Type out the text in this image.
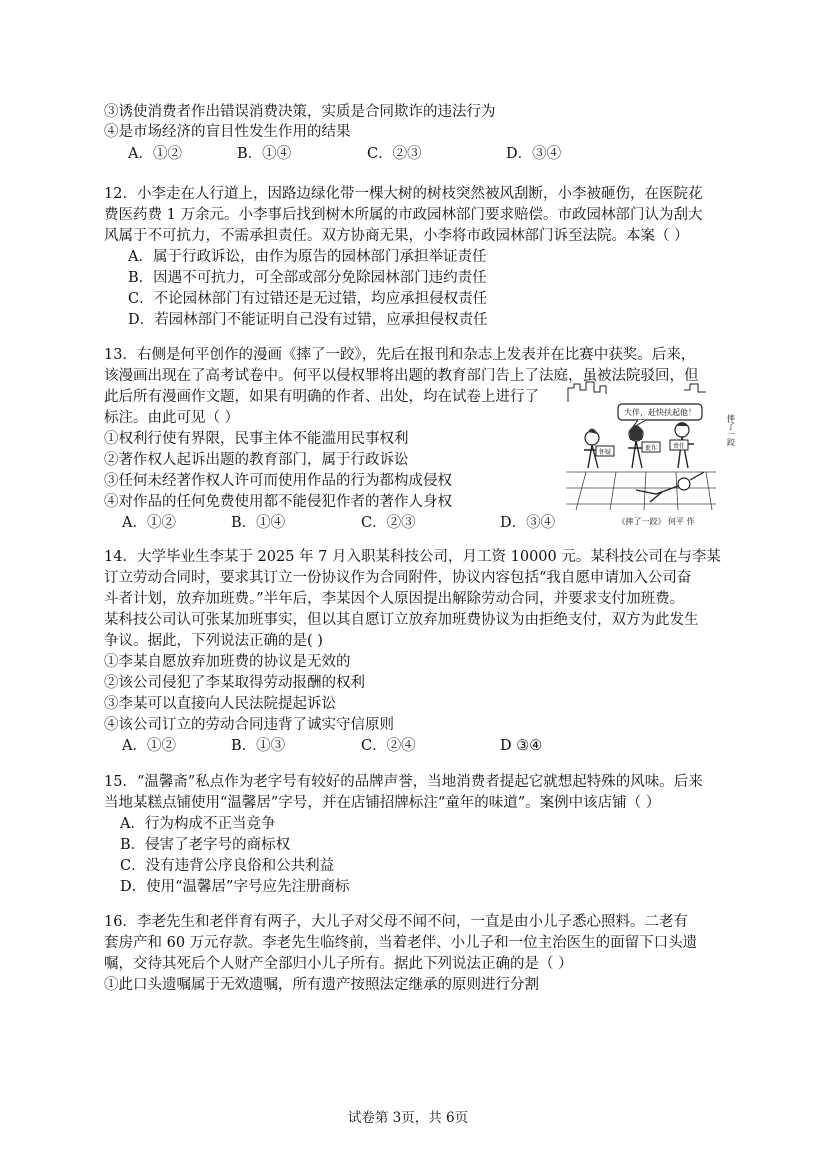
③诱使消费者作出错误消费决策，实质是合同欺诈的违法行为
④是市场经济的盲目性发生作用的结果
A．①②	B．①④	C．②③	D．③④
12．小李走在人行道上，因路边绿化带一棵大树的树枝突然被风刮断，小李被砸伤，在医院花
费医药费 1 万余元。小李事后找到树木所属的市政园林部门要求赔偿。市政园林部门认为刮大
风属于不可抗力，不需承担责任。双方协商无果，小李将市政园林部门诉至法院。本案（ ）
A．属于行政诉讼，由作为原告的园林部门承担举证责任
B．因遇不可抗力，可全部或部分免除园林部门违约责任
C．不论园林部门有过错还是无过错，均应承担侵权责任
D．若园林部门不能证明自己没有过错，应承担侵权责任
13．右侧是何平创作的漫画《摔了一跤》，先后在报刊和杂志上发表并在比赛中获奖。后来，
该漫画出现在了高考试卷中。何平以侵权罪将出题的教育部门告上了法庭，虽被法院驳回，但
此后所有漫画作文题，如果有明确的作者、出处，均在试卷上进行了
标注。由此可见（ ）
①权利行使有界限，民事主体不能滥用民事权利
②著作权人起诉出题的教育部门，属于行政诉讼
③任何未经著作权人许可而使用作品的行为都构成侵权
④对作品的任何免费使用都不能侵犯作者的著作人身权
A．①②	B．①④	C．②③	D．③④
大伴，赶快扶起他！
摔了一跤
怀疑
讹诈	责任
《摔了一跤》 何平 作
14．大学毕业生李某于 2025 年 7 月入职某科技公司，月工资 10000 元。某科技公司在与李某
订立劳动合同时，要求其订立一份协议作为合同附件，协议内容包括“我自愿申请加入公司奋
斗者计划，放弃加班费。”半年后，李某因个人原因提出解除劳动合同，并要求支付加班费。
某科技公司认可张某加班事实，但以其自愿订立放弃加班费协议为由拒绝支付，双方为此发生
争议。据此，下列说法正确的是( )
①李某自愿放弃加班费的协议是无效的
②该公司侵犯了李某取得劳动报酬的权利
③李某可以直接向人民法院提起诉讼
④该公司订立的劳动合同违背了诚实守信原则
A．①②	B．①③	C．②④	D ③④
15．“温馨斋”私点作为老字号有较好的品牌声誉，当地消费者提起它就想起特殊的风味。后来
当地某糕点铺使用“温馨居”字号，并在店铺招牌标注“童年的味道”。案例中该店铺（ ）
A．行为构成不正当竞争
B．侵害了老字号的商标权
C．没有违背公序良俗和公共利益
D．使用“温馨居”字号应先注册商标
16．李老先生和老伴育有两子，大儿子对父母不闻不问，一直是由小儿子悉心照料。二老有
套房产和 60 万元存款。李老先生临终前，当着老伴、小儿子和一位主治医生的面留下口头遗
嘱，交待其死后个人财产全部归小儿子所有。据此下列说法正确的是（ ）
①此口头遗嘱属于无效遗嘱，所有遗产按照法定继承的原则进行分割
试卷第 3页，共 6页
